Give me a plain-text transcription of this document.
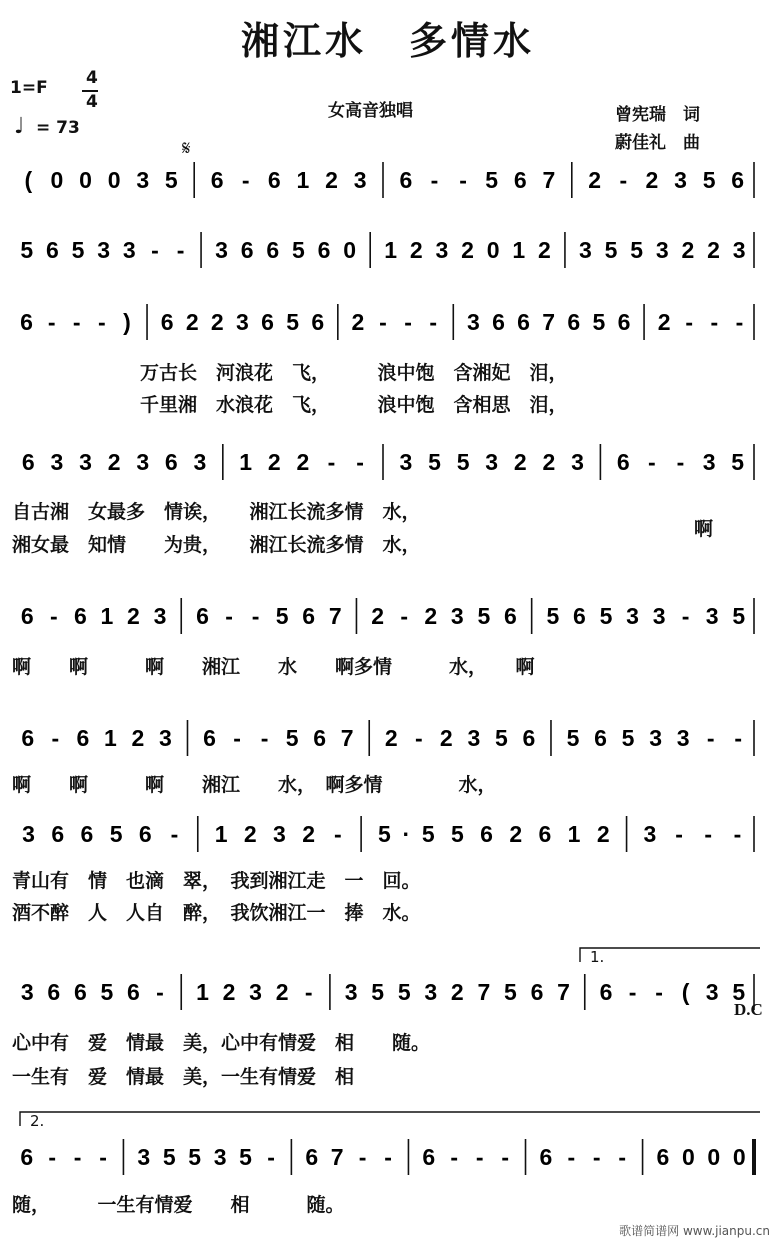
湘江水　多情水
1=F 4
4
♩ = 73
女高音独唱	曾宪瑞　词
蔚佳礼　曲
𝄋
D.C
1.
2.
( 0 0 0 3 5 6 - 6 1 2 3 6 - - 5 6 7 2 - 2 3 5 6
5 6 5 3 3 - - 3 6 6 5 6 0 1 2 3 2 0 1 2 3 5 5 3 2 2 3
6 - - - ) 6 2 2 3 6 5 6 2 - - - 3 6 6 7 6 5 6 2 - - -
6 3 3 2 3 6 3 1 2 2 - - 3 5 5 3 2 2 3 6 - - 3 5
6 - 6 1 2 3 6 - - 5 6 7 2 - 2 3 5 6 5 6 5 3 3 - 3 5
6 - 6 1 2 3 6 - - 5 6 7 2 - 2 3 5 6 5 6 5 3 3 - -
3 6 6 5 6 - 1 2 3 2 - 5 · 5 5 6 2 6 1 2 3 - - -
3 6 6 5 6 - 1 2 3 2 - 3 5 5 3 2 7 5 6 7 6 - - ( 3 5
6 - - - 3 5 5 3 5 - 6 7 - - 6 - - - 6 - - - 6 0 0 0
万古长　河浪花　飞，　　　浪中饱　含湘妃　泪，
千里湘　水浪花　飞，　　　浪中饱　含相思　泪，
自古湘　女最多　情诶，　　湘江长流多情　水，
湘女最　知情　　为贵，　　湘江长流多情　水，
啊
啊　　啊　　　啊　　湘江　　水　　啊多情　　　水，　　啊
啊　　啊　　　啊　　湘江　　水，　啊多情　　　　水，
青山有　情　也滴　翠，　我到湘江走　一　回。
酒不醉　人　人自　醉，　我饮湘江一　捧　水。
心中有　爱　情最　美，心中有情爱　相　　随。
一生有　爱　情最　美，一生有情爱　相
随，　　　一生有情爱　　相　　　随。
歌谱简谱网 www.jianpu.cn
